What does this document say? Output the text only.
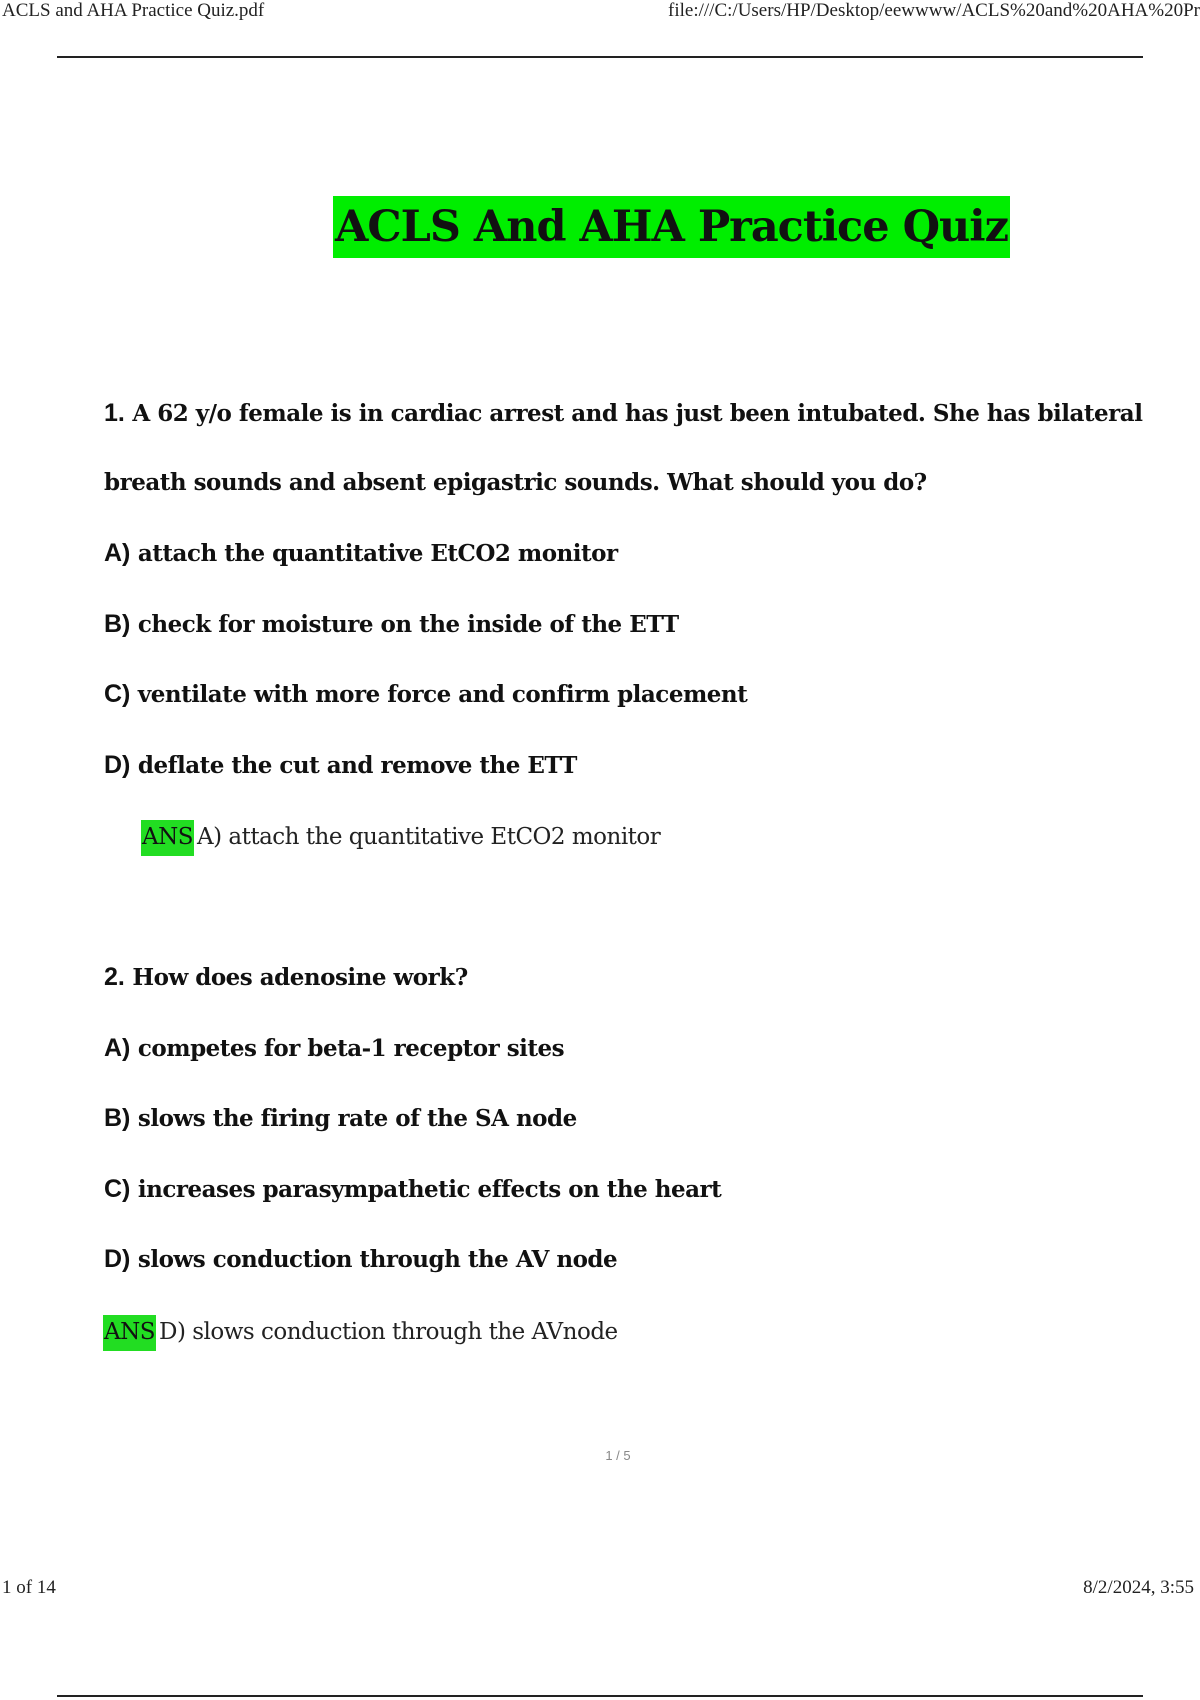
ACLS and AHA Practice Quiz.pdf	file:///C:/Users/HP/Desktop/eewwww/ACLS%20and%20AHA%20Pr
ACLS And AHA Practice Quiz
1. A 62 y/o female is in cardiac arrest and has just been intubated. She has bilateral
breath sounds and absent epigastric sounds. What should you do?
A) attach the quantitative EtCO2 monitor
B) check for moisture on the inside of the ETT
C) ventilate with more force and confirm placement
D) deflate the cut and remove the ETT
ANS A) attach the quantitative EtCO2 monitor
2. How does adenosine work?
A) competes for beta-1 receptor sites
B) slows the firing rate of the SA node
C) increases parasympathetic effects on the heart
D) slows conduction through the AV node
ANS D) slows conduction through the AVnode
1 / 5
1 of 14	8/2/2024, 3:55
